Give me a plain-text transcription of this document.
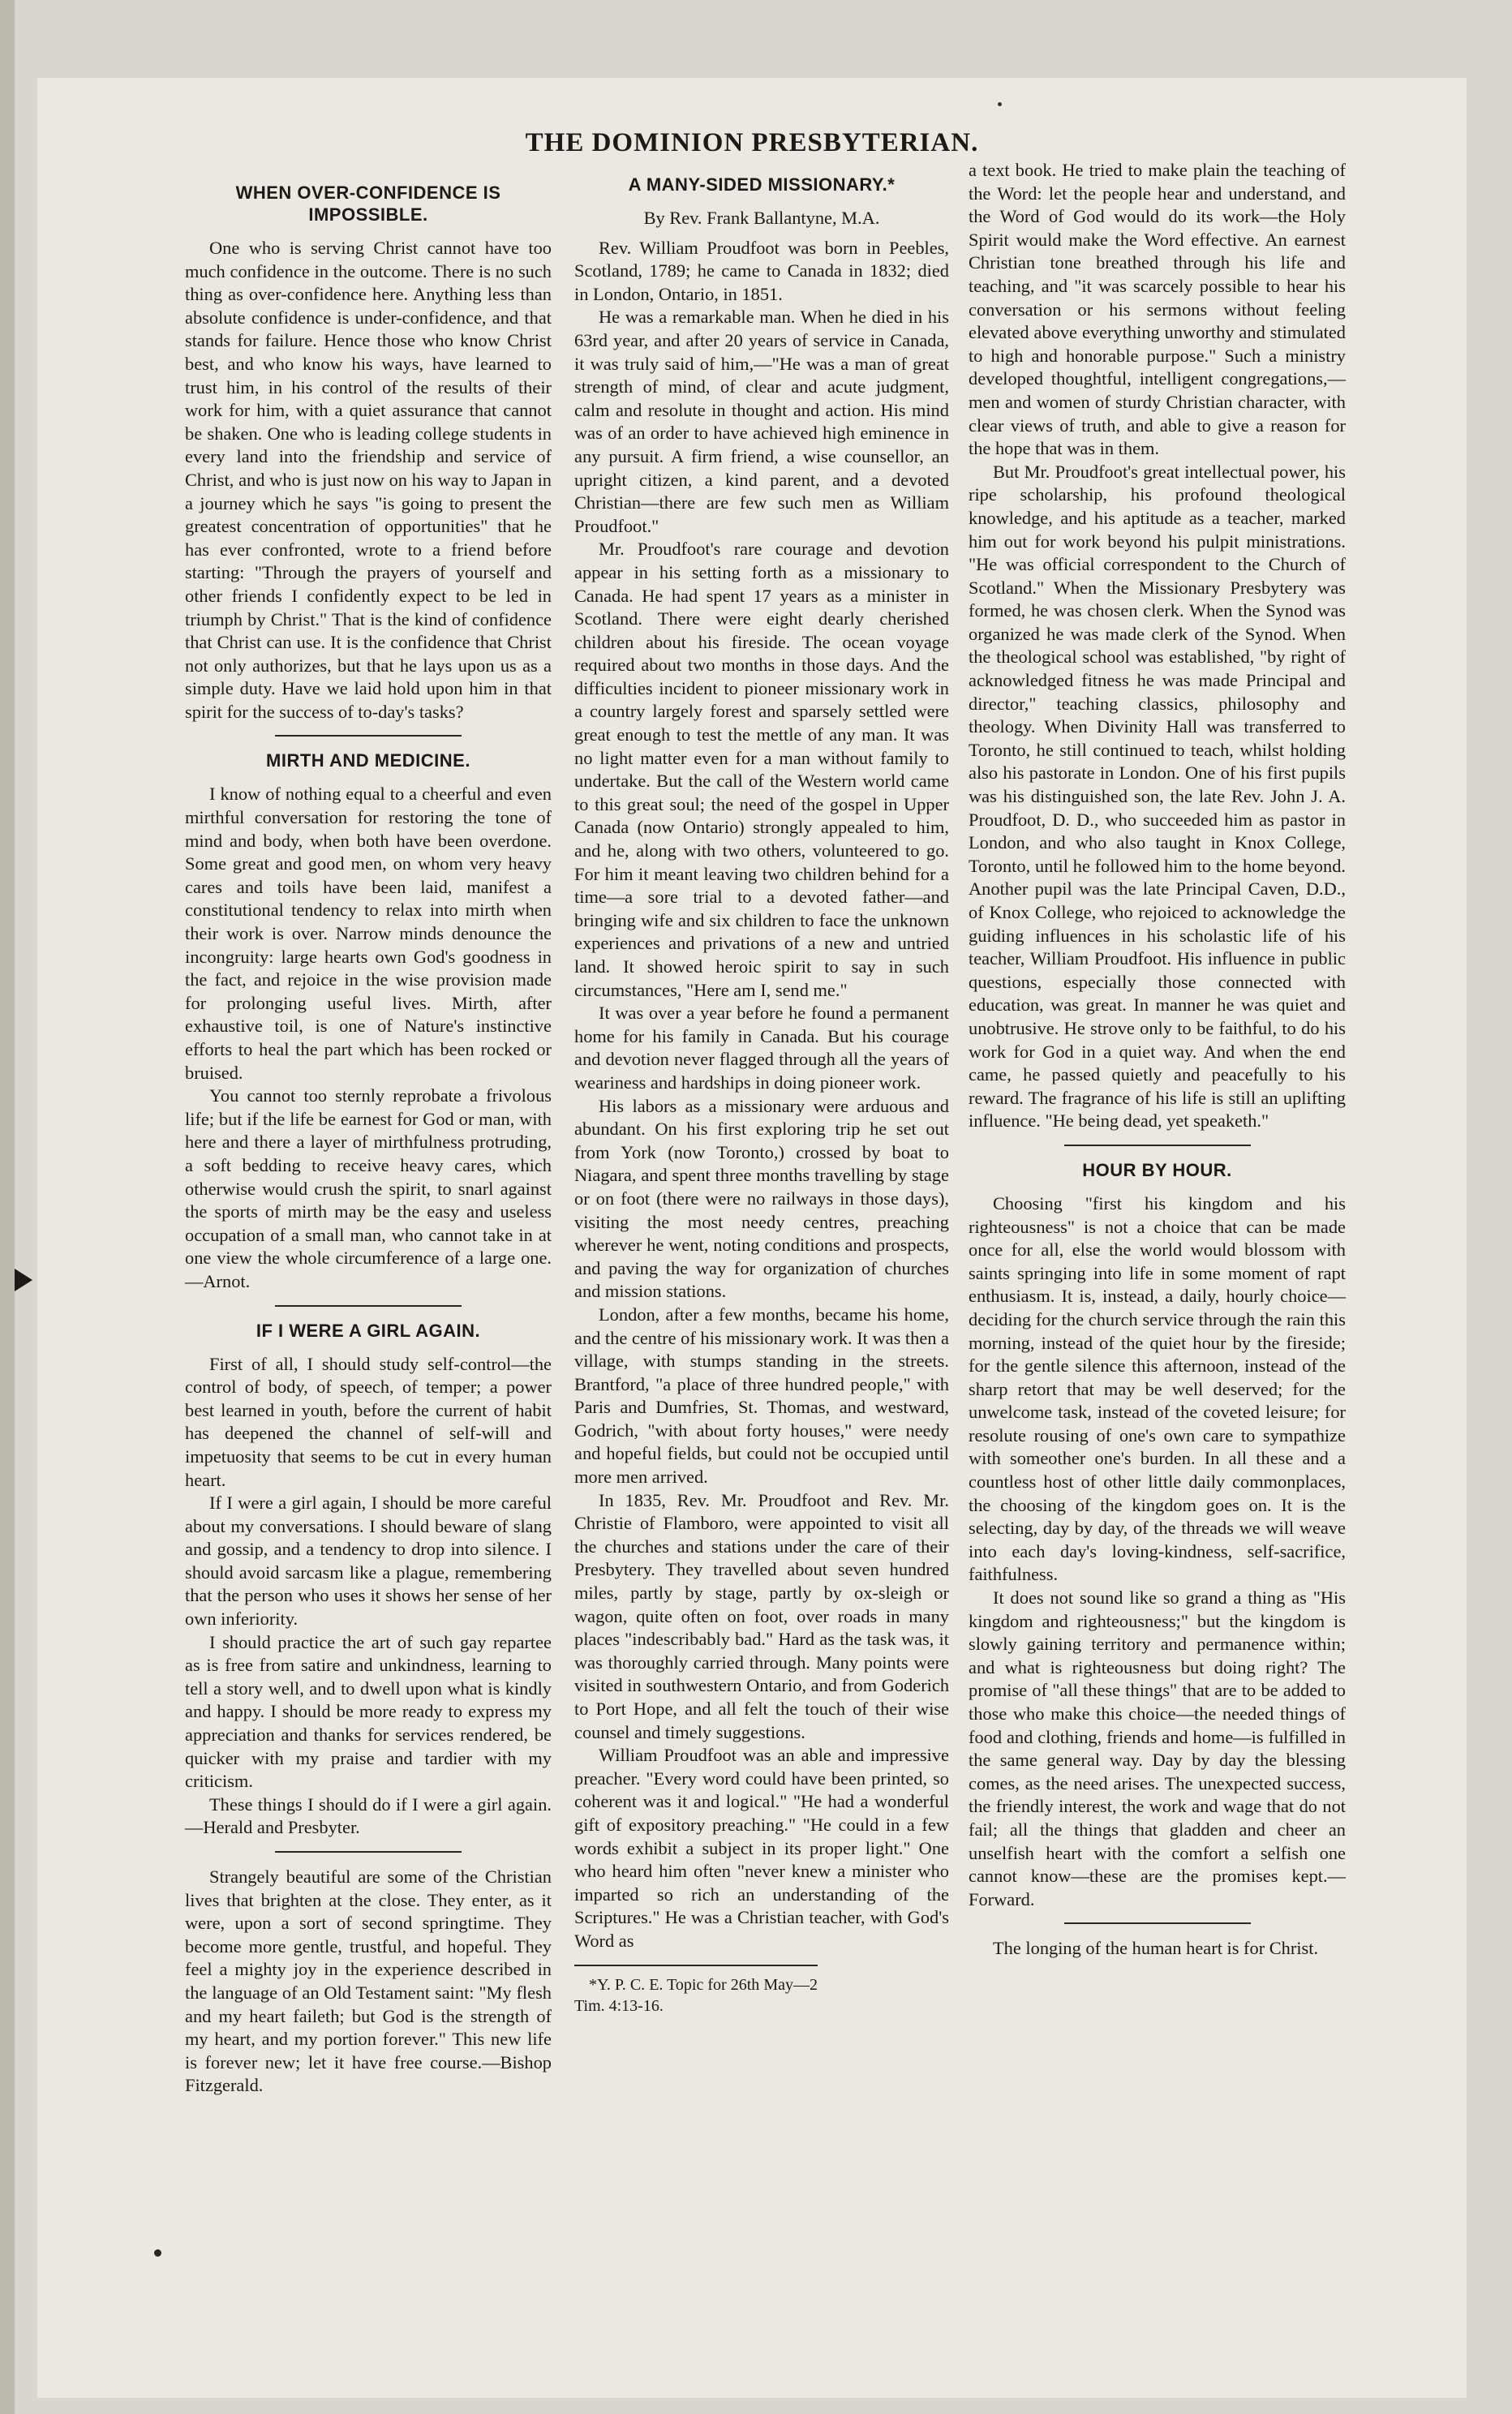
THE DOMINION PRESBYTERIAN.
WHEN OVER-CONFIDENCE IS IMPOSSIBLE.

One who is serving Christ cannot have too much confidence in the outcome. There is no such thing as over-confidence here. Anything less than absolute confidence is under-confidence, and that stands for failure. Hence those who know Christ best, and who know his ways, have learned to trust him, in his control of the results of their work for him, with a quiet assurance that cannot be shaken. One who is leading college students in every land into the friendship and service of Christ, and who is just now on his way to Japan in a journey which he says "is going to present the greatest concentration of opportunities" that he has ever confronted, wrote to a friend before starting: "Through the prayers of yourself and other friends I confidently expect to be led in triumph by Christ." That is the kind of confidence that Christ can use. It is the confidence that Christ not only authorizes, but that he lays upon us as a simple duty. Have we laid hold upon him in that spirit for the success of to-day's tasks?

MIRTH AND MEDICINE.

I know of nothing equal to a cheerful and even mirthful conversation for restoring the tone of mind and body, when both have been overdone. Some great and good men, on whom very heavy cares and toils have been laid, manifest a constitutional tendency to relax into mirth when their work is over. Narrow minds denounce the incongruity: large hearts own God's goodness in the fact, and rejoice in the wise provision made for prolonging useful lives. Mirth, after exhaustive toil, is one of Nature's instinctive efforts to heal the part which has been rocked or bruised.

You cannot too sternly reprobate a frivolous life; but if the life be earnest for God or man, with here and there a layer of mirthfulness protruding, a soft bedding to receive heavy cares, which otherwise would crush the spirit, to snarl against the sports of mirth may be the easy and useless occupation of a small man, who cannot take in at one view the whole circumference of a large one.—Arnot.

IF I WERE A GIRL AGAIN.

First of all, I should study self-control—the control of body, of speech, of temper; a power best learned in youth, before the current of habit has deepened the channel of self-will and impetuosity that seems to be cut in every human heart.

If I were a girl again, I should be more careful about my conversations. I should beware of slang and gossip, and a tendency to drop into silence. I should avoid sarcasm like a plague, remembering that the person who uses it shows her sense of her own inferiority.

I should practice the art of such gay repartee as is free from satire and unkindness, learning to tell a story well, and to dwell upon what is kindly and happy. I should be more ready to express my appreciation and thanks for services rendered, be quicker with my praise and tardier with my criticism.

These things I should do if I were a girl again.—Herald and Presbyter.

Strangely beautiful are some of the Christian lives that brighten at the close. They enter, as it were, upon a sort of second springtime. They become more gentle, trustful, and hopeful. They feel a mighty joy in the experience described in the language of an Old Testament saint: "My flesh and my heart faileth; but God is the strength of my heart, and my portion forever." This new life is forever new; let it have free course.—Bishop Fitzgerald.

A MANY-SIDED MISSIONARY.*
By Rev. Frank Ballantyne, M.A.

Rev. William Proudfoot was born in Peebles, Scotland, 1789; he came to Canada in 1832; died in London, Ontario, in 1851.

He was a remarkable man. When he died in his 63rd year, and after 20 years of service in Canada, it was truly said of him,—"He was a man of great strength of mind, of clear and acute judgment, calm and resolute in thought and action. His mind was of an order to have achieved high eminence in any pursuit. A firm friend, a wise counsellor, an upright citizen, a kind parent, and a devoted Christian—there are few such men as William Proudfoot."

Mr. Proudfoot's rare courage and devotion appear in his setting forth as a missionary to Canada. He had spent 17 years as a minister in Scotland. There were eight dearly cherished children about his fireside. The ocean voyage required about two months in those days. And the difficulties incident to pioneer missionary work in a country largely forest and sparsely settled were great enough to test the mettle of any man. It was no light matter even for a man without family to undertake. But the call of the Western world came to this great soul; the need of the gospel in Upper Canada (now Ontario) strongly appealed to him, and he, along with two others, volunteered to go. For him it meant leaving two children behind for a time—a sore trial to a devoted father—and bringing wife and six children to face the unknown experiences and privations of a new and untried land. It showed heroic spirit to say in such circumstances, "Here am I, send me."

It was over a year before he found a permanent home for his family in Canada. But his courage and devotion never flagged through all the years of weariness and hardships in doing pioneer work.

His labors as a missionary were arduous and abundant. On his first exploring trip he set out from York (now Toronto,) crossed by boat to Niagara, and spent three months travelling by stage or on foot (there were no railways in those days), visiting the most needy centres, preaching wherever he went, noting conditions and prospects, and paving the way for organization of churches and mission stations.

London, after a few months, became his home, and the centre of his missionary work. It was then a village, with stumps standing in the streets. Brantford, "a place of three hundred people," with Paris and Dumfries, St. Thomas, and westward, Godrich, "with about forty houses," were needy and hopeful fields, but could not be occupied until more men arrived.

In 1835, Rev. Mr. Proudfoot and Rev. Mr. Christie of Flamboro, were appointed to visit all the churches and stations under the care of their Presbytery. They travelled about seven hundred miles, partly by stage, partly by ox-sleigh or wagon, quite often on foot, over roads in many places "indescribably bad." Hard as the task was, it was thoroughly carried through. Many points were visited in southwestern Ontario, and from Goderich to Port Hope, and all felt the touch of their wise counsel and timely suggestions.

William Proudfoot was an able and impressive preacher. "Every word could have been printed, so coherent was it and logical." "He had a wonderful gift of expository preaching." "He could in a few words exhibit a subject in its proper light." One who heard him often "never knew a minister who imparted so rich an understanding of the Scriptures." He was a Christian teacher, with God's Word as

*Y. P. C. E. Topic for 26th May—2 Tim. 4:13-16.

a text book. He tried to make plain the teaching of the Word: let the people hear and understand, and the Word of God would do its work—the Holy Spirit would make the Word effective. An earnest Christian tone breathed through his life and teaching, and "it was scarcely possible to hear his conversation or his sermons without feeling elevated above everything unworthy and stimulated to high and honorable purpose." Such a ministry developed thoughtful, intelligent congregations,—men and women of sturdy Christian character, with clear views of truth, and able to give a reason for the hope that was in them.

But Mr. Proudfoot's great intellectual power, his ripe scholarship, his profound theological knowledge, and his aptitude as a teacher, marked him out for work beyond his pulpit ministrations. "He was official correspondent to the Church of Scotland." When the Missionary Presbytery was formed, he was chosen clerk. When the Synod was organized he was made clerk of the Synod. When the theological school was established, "by right of acknowledged fitness he was made Principal and director," teaching classics, philosophy and theology. When Divinity Hall was transferred to Toronto, he still continued to teach, whilst holding also his pastorate in London. One of his first pupils was his distinguished son, the late Rev. John J. A. Proudfoot, D. D., who succeeded him as pastor in London, and who also taught in Knox College, Toronto, until he followed him to the home beyond. Another pupil was the late Principal Caven, D.D., of Knox College, who rejoiced to acknowledge the guiding influences in his scholastic life of his teacher, William Proudfoot. His influence in public questions, especially those connected with education, was great. In manner he was quiet and unobtrusive. He strove only to be faithful, to do his work for God in a quiet way. And when the end came, he passed quietly and peacefully to his reward. The fragrance of his life is still an uplifting influence. "He being dead, yet speaketh."

HOUR BY HOUR.

Choosing "first his kingdom and his righteousness" is not a choice that can be made once for all, else the world would blossom with saints springing into life in some moment of rapt enthusiasm. It is, instead, a daily, hourly choice—deciding for the church service through the rain this morning, instead of the quiet hour by the fireside; for the gentle silence this afternoon, instead of the sharp retort that may be well deserved; for the unwelcome task, instead of the coveted leisure; for resolute rousing of one's own care to sympathize with someother one's burden. In all these and a countless host of other little daily commonplaces, the choosing of the kingdom goes on. It is the selecting, day by day, of the threads we will weave into each day's loving-kindness, self-sacrifice, faithfulness.

It does not sound like so grand a thing as "His kingdom and righteousness;" but the kingdom is slowly gaining territory and permanence within; and what is righteousness but doing right? The promise of "all these things" that are to be added to those who make this choice—the needed things of food and clothing, friends and home—is fulfilled in the same general way. Day by day the blessing comes, as the need arises. The unexpected success, the friendly interest, the work and wage that do not fail; all the things that gladden and cheer an unselfish heart with the comfort a selfish one cannot know—these are the promises kept.—Forward.

The longing of the human heart is for Christ.
